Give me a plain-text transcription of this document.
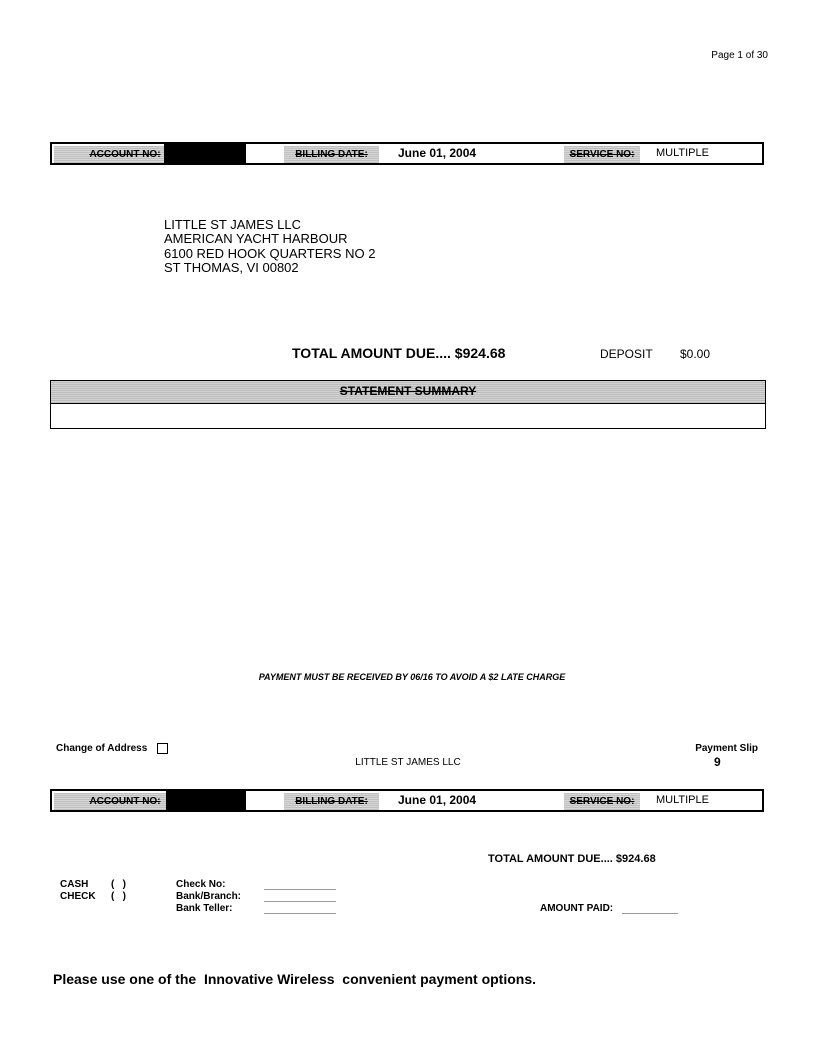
Page 1 of 30
ACCOUNT NO:	BILLING DATE:	June 01, 2004	SERVICE NO:	MULTIPLE
LITTLE ST JAMES LLC
AMERICAN YACHT HARBOUR
6100 RED HOOK QUARTERS NO 2
ST THOMAS, VI 00802
TOTAL AMOUNT DUE.... $924.68	DEPOSIT $0.00
STATEMENT SUMMARY
PAYMENT MUST BE RECEIVED BY 06/16 TO AVOID A $2 LATE CHARGE
Change of Address
LITTLE ST JAMES LLC
Payment Slip
9
ACCOUNT NO:	BILLING DATE:	June 01, 2004	SERVICE NO:	MULTIPLE
TOTAL AMOUNT DUE.... $924.68
CASH (   )
CHECK (   )
Check No:
Bank/Branch:
Bank Teller:	AMOUNT PAID:
Please use one of the  Innovative Wireless  convenient payment options.
